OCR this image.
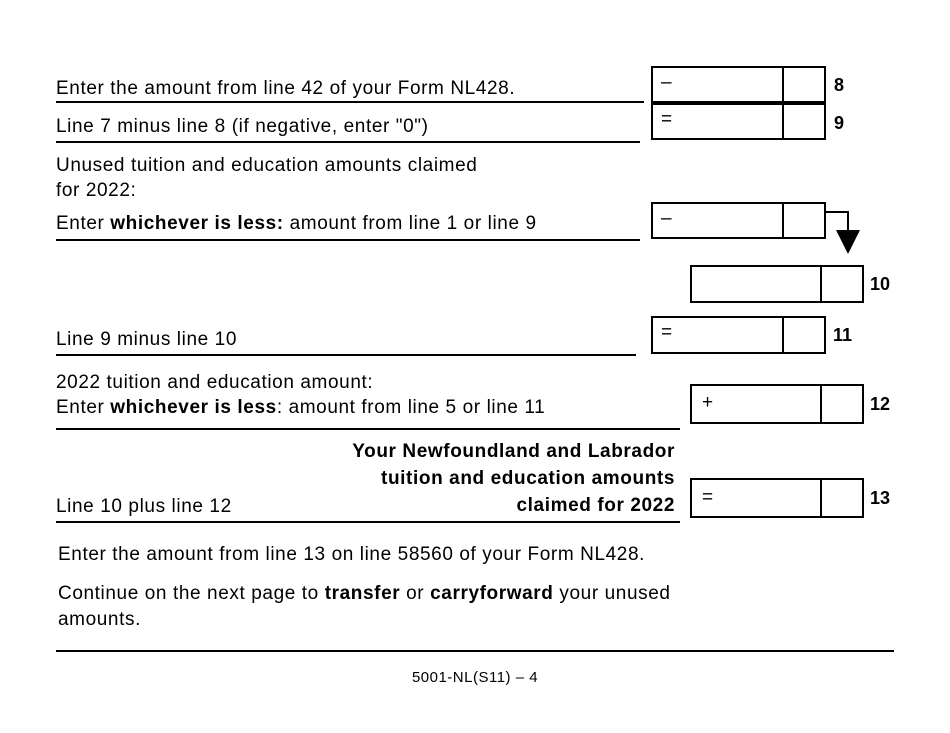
Enter the amount from line 42 of your Form NL428.	–	8
Line 7 minus line 8 (if negative, enter "0")	=	9
Unused tuition and education amounts claimed
for 2022:
Enter whichever is less: amount from line 1 or line 9	–
10
Line 9 minus line 10	=	11
2022 tuition and education amount:
Enter whichever is less: amount from line 5 or line 11	+	12
Your Newfoundland and Labrador
tuition and education amounts
claimed for 2022
Line 10 plus line 12	=	13
Enter the amount from line 13 on line 58560 of your Form NL428.
Continue on the next page to transfer or carryforward your unused
amounts.
5001-NL(S11) – 4
